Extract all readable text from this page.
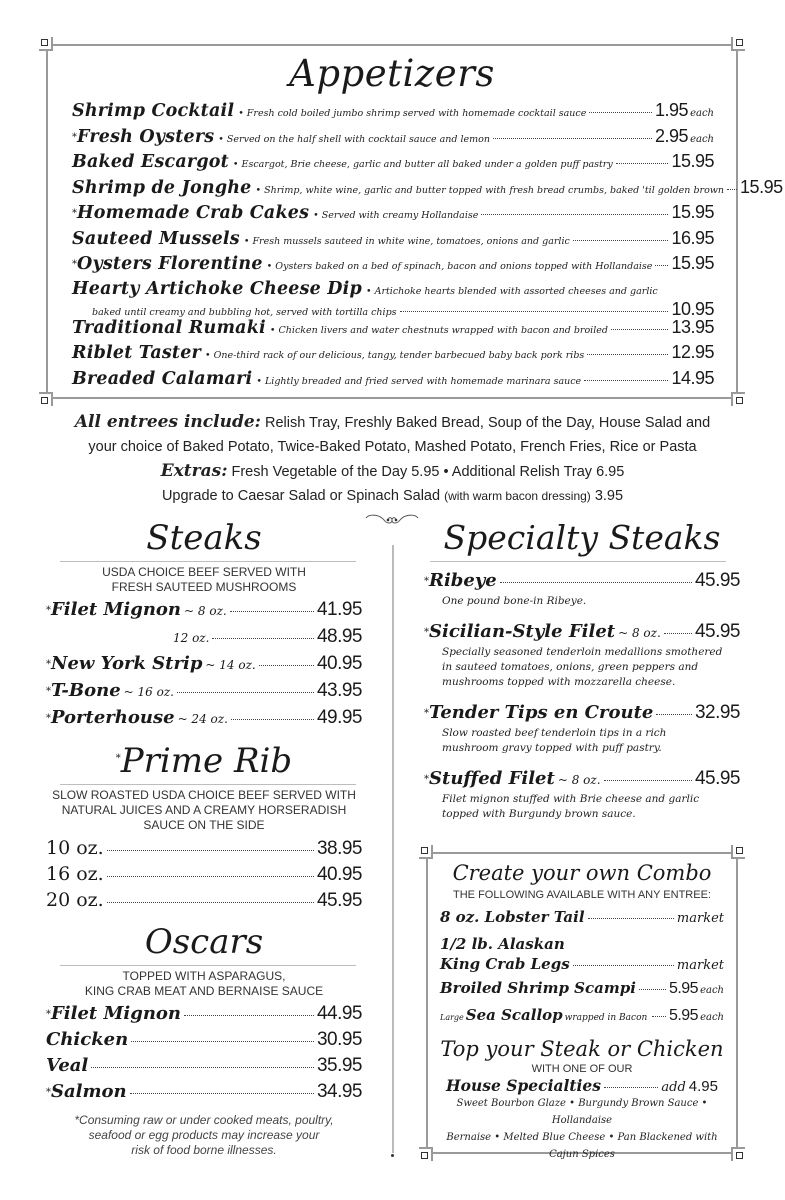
Appetizers
Shrimp Cocktail • Fresh cold boiled jumbo shrimp served with homemade cocktail sauce	1.95 each
* Fresh Oysters • Served on the half shell with cocktail sauce and lemon	2.95 each
Baked Escargot • Escargot, Brie cheese, garlic and butter all baked under a golden puff pastry	15.95
Shrimp de Jonghe • Shrimp, white wine, garlic and butter topped with fresh bread crumbs, baked 'til golden brown 15.95
* Homemade Crab Cakes • Served with creamy Hollandaise	15.95
Sauteed Mussels • Fresh mussels sauteed in white wine, tomatoes, onions and garlic	16.95
* Oysters Florentine • Oysters baked on a bed of spinach, bacon and onions topped with Hollandaise 15.95
Hearty Artichoke Cheese Dip • Artichoke hearts blended with assorted cheeses and garlic
baked until creamy and bubbling hot, served with tortilla chips	10.95
Traditional Rumaki • Chicken livers and water chestnuts wrapped with bacon and broiled	13.95
Riblet Taster • One-third rack of our delicious, tangy, tender barbecued baby back pork ribs	12.95
Breaded Calamari • Lightly breaded and fried served with homemade marinara sauce	14.95
All entrees include: Relish Tray, Freshly Baked Bread, Soup of the Day, House Salad and
your choice of Baked Potato, Twice-Baked Potato, Mashed Potato, French Fries, Rice or Pasta
Extras: Fresh Vegetable of the Day 5.95 • Additional Relish Tray 6.95
Upgrade to Caesar Salad or Spinach Salad (with warm bacon dressing) 3.95
Steaks
USDA CHOICE BEEF SERVED WITH
FRESH SAUTEED MUSHROOMS
* Filet Mignon ~ 8 oz.	41.95
12 oz.	48.95
* New York Strip ~ 14 oz.	40.95
* T-Bone ~ 16 oz.	43.95
* Porterhouse ~ 24 oz.	49.95
*Prime Rib
SLOW ROASTED USDA CHOICE BEEF SERVED WITH
NATURAL JUICES AND A CREAMY HORSERADISH
SAUCE ON THE SIDE
10 oz.	38.95
16 oz.	40.95
20 oz.	45.95
Oscars
TOPPED WITH ASPARAGUS,
KING CRAB MEAT AND BERNAISE SAUCE
* Filet Mignon	44.95
Chicken	30.95
Veal	35.95
* Salmon	34.95
*Consuming raw or under cooked meats, poultry,
seafood or egg products may increase your
risk of food borne illnesses.
Specialty Steaks
* Ribeye	45.95
One pound bone-in Ribeye.
* Sicilian-Style Filet ~ 8 oz. 45.95
Specially seasoned tenderloin medallions smothered
in sauteed tomatoes, onions, green peppers and
mushrooms topped with mozzarella cheese.
* Tender Tips en Croute 32.95
Slow roasted beef tenderloin tips in a rich
mushroom gravy topped with puff pastry.
* Stuffed Filet ~ 8 oz.	45.95
Filet mignon stuffed with Brie cheese and garlic
topped with Burgundy brown sauce.
Create your own Combo
THE FOLLOWING AVAILABLE WITH ANY ENTREE:
8 oz. Lobster Tail	market
1/2 lb. Alaskan
King Crab Legs	market
Broiled Shrimp Scampi 5.95 each
Large Sea Scallop wrapped in Bacon 5.95 each
Top your Steak or Chicken
WITH ONE OF OUR
House Specialties	add 4.95
Sweet Bourbon Glaze • Burgundy Brown Sauce • Hollandaise
Bernaise • Melted Blue Cheese • Pan Blackened with Cajun Spices
